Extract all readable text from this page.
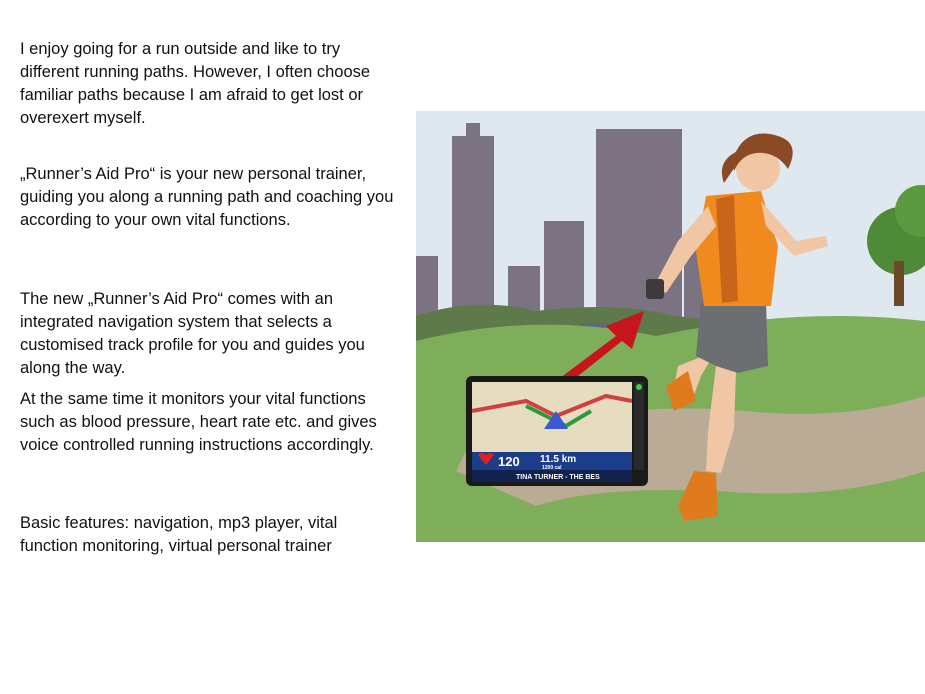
I enjoy going for a run outside and like to try different running paths. However, I often choose familiar paths because I am afraid to get lost or overexert myself.

„Runner’s Aid Pro“ is your new personal trainer, guiding you along a running path and coaching you according to your own vital functions.

The new „Runner’s Aid Pro“ comes with an integrated navigation system that selects a customised track profile for you and guides you along the way.

At the same time it monitors your vital functions such as blood pressure, heart rate etc. and gives voice controlled running instructions accordingly.

Basic features: navigation, mp3 player, vital function monitoring, virtual personal trainer

120 11.5 km
1200 cal
TINA TURNER - THE BES
